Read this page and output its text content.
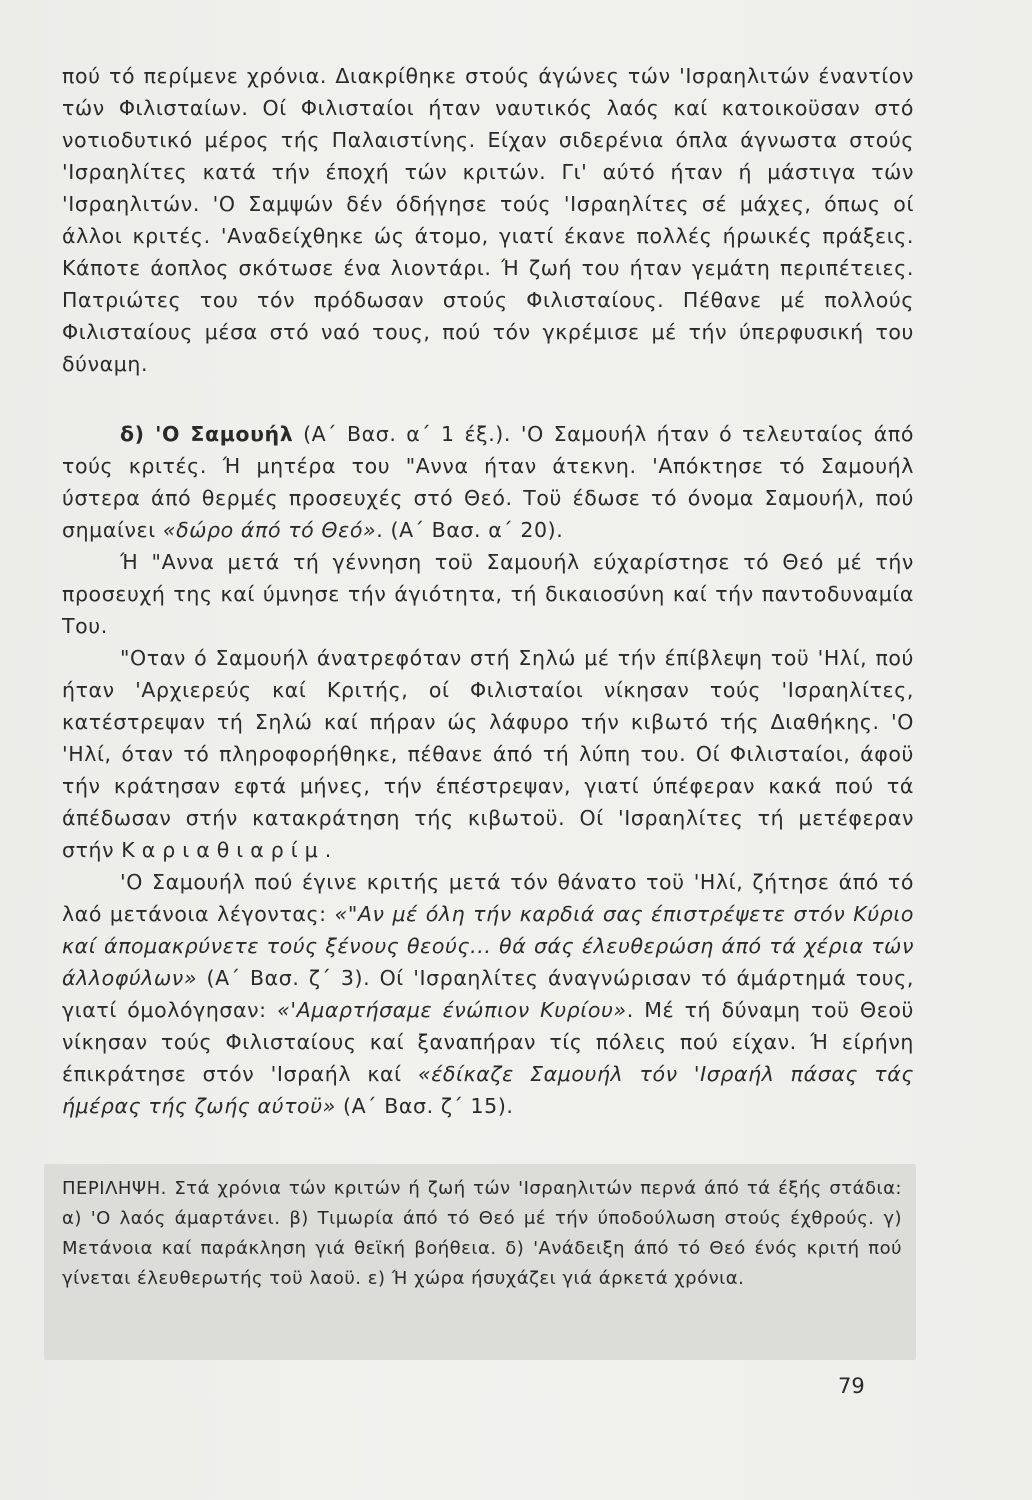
πού τό περίμενε χρόνια. Διακρίθηκε στούς άγώνες τών 'Ισραηλιτών έναντίον τών Φιλισταίων. Οί Φιλισταίοι ήταν ναυτικός λαός καί κατοικοϋσαν στό νοτιοδυτικό μέρος τής Παλαιστίνης. Είχαν σιδερένια όπλα άγνωστα στούς 'Ισραηλίτες κατά τήν έποχή τών κριτών. Γι' αύτό ήταν ή μάστιγα τών 'Ισραηλιτών. 'Ο Σαμψών δέν όδήγησε τούς 'Ισραηλίτες σέ μάχες, όπως οί άλλοι κριτές. 'Αναδείχθηκε ώς άτομο, γιατί έκανε πολλές ήρωικές πράξεις. Κάποτε άοπλος σκότωσε ένα λιοντάρι. Ή ζωή του ήταν γεμάτη περιπέτειες. Πατριώτες του τόν πρόδωσαν στούς Φιλισταίους. Πέθανε μέ πολλούς Φιλισταίους μέσα στό ναό τους, πού τόν γκρέμισε μέ τήν ύπερφυσική του δύναμη.

δ) 'Ο Σαμουήλ (Α΄ Βασ. α΄ 1 έξ.). 'Ο Σαμουήλ ήταν ό τελευταίος άπό τούς κριτές. Ή μητέρα του "Αννα ήταν άτεκνη. 'Απόκτησε τό Σαμουήλ ύστερα άπό θερμές προσευχές στό Θεό. Τοϋ έδωσε τό όνομα Σαμουήλ, πού σημαίνει «δώρο άπό τό Θεό». (Α΄ Βασ. α΄ 20).

Ή "Αννα μετά τή γέννηση τοϋ Σαμουήλ εύχαρίστησε τό Θεό μέ τήν προσευχή της καί ύμνησε τήν άγιότητα, τή δικαιοσύνη καί τήν παντοδυναμία Του.

"Οταν ό Σαμουήλ άνατρεφόταν στή Σηλώ μέ τήν έπίβλεψη τοϋ 'Ηλί, πού ήταν 'Αρχιερεύς καί Κριτής, οί Φιλισταίοι νίκησαν τούς 'Ισραηλίτες, κατέστρεψαν τή Σηλώ καί πήραν ώς λάφυρο τήν κιβωτό τής Διαθήκης. 'Ο 'Ηλί, όταν τό πληροφορήθηκε, πέθανε άπό τή λύπη του. Οί Φιλισταίοι, άφοϋ τήν κράτησαν εφτά μήνες, τήν έπέστρεψαν, γιατί ύπέφεραν κακά πού τά άπέδωσαν στήν κατακράτηση τής κιβωτοϋ. Οί 'Ισραηλίτες τή μετέφεραν στήν Καριαθιαρίμ.

'Ο Σαμουήλ πού έγινε κριτής μετά τόν θάνατο τοϋ 'Ηλί, ζήτησε άπό τό λαό μετάνοια λέγοντας: «"Αν μέ όλη τήν καρδιά σας έπιστρέψετε στόν Κύριο καί άπομακρύνετε τούς ξένους θεούς... θά σάς έλευθερώση άπό τά χέρια τών άλλοφύλων» (Α΄ Βασ. ζ΄ 3). Οί 'Ισραηλίτες άναγνώρισαν τό άμάρτημά τους, γιατί όμολόγησαν: «'Αμαρτήσαμε ένώπιον Κυρίου». Μέ τή δύναμη τοϋ Θεοϋ νίκησαν τούς Φιλισταίους καί ξαναπήραν τίς πόλεις πού είχαν. Ή είρήνη έπικράτησε στόν 'Ισραήλ καί «έδίκαζε Σαμουήλ τόν 'Ισραήλ πάσας τάς ήμέρας τής ζωής αύτοϋ» (Α΄ Βασ. ζ΄ 15).

ΠΕΡΙΛΗΨΗ. Στά χρόνια τών κριτών ή ζωή τών 'Ισραηλιτών περνά άπό τά έξής στάδια: α) 'Ο λαός άμαρτάνει. β) Τιμωρία άπό τό Θεό μέ τήν ύποδούλωση στούς έχθρούς. γ) Μετάνοια καί παράκληση γιά θεϊκή βοήθεια. δ) 'Ανάδειξη άπό τό Θεό ένός κριτή πού γίνεται έλευθερωτής τοϋ λαοϋ. ε) Ή χώρα ήσυχάζει γιά άρκετά χρόνια.

79
